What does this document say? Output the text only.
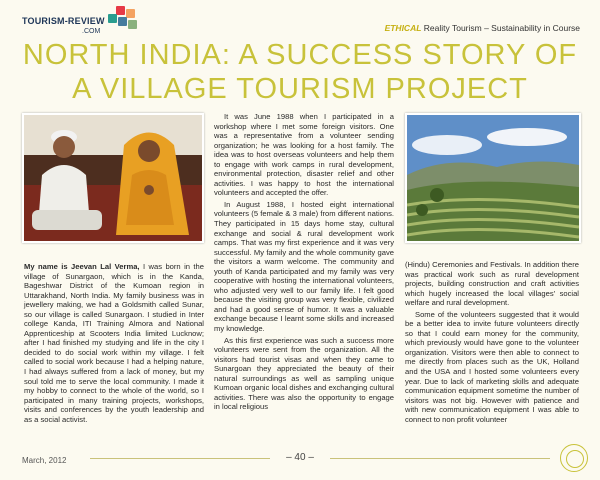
TOURISM-REVIEW
.COM	ETHICAL Reality Tourism – Sustainability in Course
NORTH INDIA: A SUCCESS STORY OF
A VILLAGE TOURISM PROJECT

My name is Jeevan Lal Verma, I was born in the village of Sunargaon, which is in the Kanda, Bageshwar District of the Kumoan region in Uttarakhand, North India. My family business was in jewellery making, we had a Goldsmith called Sunar, so our village is called Sunargaon. I studied in Inter college Kanda, ITI Training Almora and National Apprenticeship at Scooters India limited Lucknow; after I had finished my studying and life in the city I decided to do social work within my village. I felt called to social work because I had a helping nature, I had always suffered from a lack of money, but my soul told me to serve the local community. I made it my hobby to connect to the whole of the world, so I participated in many training projects, workshops, visits and conferences by the youth leadership and as a social activist.

It was June 1988 when I participated in a workshop where I met some foreign visitors. One was a representative from a volunteer sending organization; he was looking for a host family. The idea was to host overseas volunteers and help them to engage with work camps in rural development, environmental protection, disaster relief and other activities. I was happy to host the international volunteers and accepted the offer.

In August 1988, I hosted eight international volunteers (5 female & 3 male) from different nations. They participated in 15 days home stay, cultural exchange and social & rural development work camps. That was my first experience and it was very successful. My family and the whole community gave the visitors a warm welcome. The community and youth of Kanda participated and my family was very cooperative with hosting the international volunteers, who adjusted very well to our family life. I felt good because the visiting group was very flexible, civilized and had a good sense of humor. It was a valuable exchange because I learnt some skills and increased my knowledge.

As this first experience was such a success more volunteers were sent from the organization. All the visitors had tourist visas and when they came to Sunargoan they appreciated the beauty of their natural surroundings as well as sampling unique Kumoan organic local dishes and exchanging cultural activities. There was also the opportunity to engage in local religious

(Hindu) Ceremonies and Festivals. In addition there was practical work such as rural development projects, building construction and craft activities which hugely increased the local villages' social welfare and rural development.

Some of the volunteers suggested that it would be a better idea to invite future volunteers directly so that I could earn money for the community, which previously would have gone to the volunteer organization. Visitors were then able to connect to me directly from places such as the UK, Holland and the USA and I hosted some volunteers every year. Due to lack of marketing skills and adequate communication equipment sometime the number of visitors was not big. However with patience and with new communication equipment I was able to connect to non profit volunteer

March, 2012	– 40 –
